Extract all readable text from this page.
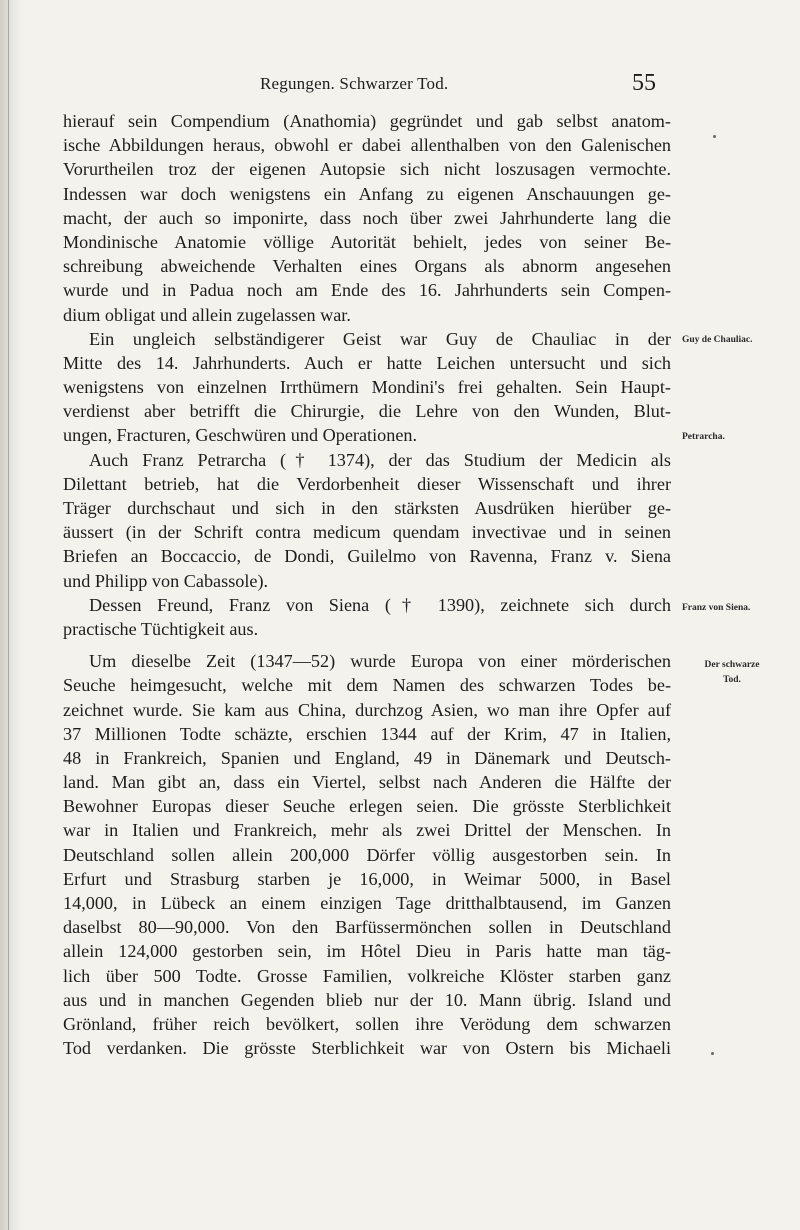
Regungen. Schwarzer Tod.	55
hierauf sein Compendium (Anathomia) gegründet und gab selbst anatom-
ische Abbildungen heraus, obwohl er dabei allenthalben von den Galenischen
Vorurtheilen troz der eigenen Autopsie sich nicht loszusagen vermochte.
Indessen war doch wenigstens ein Anfang zu eigenen Anschauungen ge-
macht, der auch so imponirte, dass noch über zwei Jahrhunderte lang die
Mondinische Anatomie völlige Autorität behielt, jedes von seiner Be-
schreibung abweichende Verhalten eines Organs als abnorm angesehen
wurde und in Padua noch am Ende des 16. Jahrhunderts sein Compen-
dium obligat und allein zugelassen war.
Ein ungleich selbständigerer Geist war Guy de Chauliac in der
Mitte des 14. Jahrhunderts. Auch er hatte Leichen untersucht und sich
wenigstens von einzelnen Irrthümern Mondini's frei gehalten. Sein Haupt-
verdienst aber betrifft die Chirurgie, die Lehre von den Wunden, Blut-
ungen, Fracturen, Geschwüren und Operationen.
Auch Franz Petrarcha († 1374), der das Studium der Medicin als
Dilettant betrieb, hat die Verdorbenheit dieser Wissenschaft und ihrer
Träger durchschaut und sich in den stärksten Ausdrüken hierüber ge-
äussert (in der Schrift contra medicum quendam invectivae und in seinen
Briefen an Boccaccio, de Dondi, Guilelmo von Ravenna, Franz v. Siena
und Philipp von Cabassole).
Dessen Freund, Franz von Siena († 1390), zeichnete sich durch
practische Tüchtigkeit aus.
Um dieselbe Zeit (1347—52) wurde Europa von einer mörderischen
Seuche heimgesucht, welche mit dem Namen des schwarzen Todes be-
zeichnet wurde. Sie kam aus China, durchzog Asien, wo man ihre Opfer auf
37 Millionen Todte schäzte, erschien 1344 auf der Krim, 47 in Italien,
48 in Frankreich, Spanien und England, 49 in Dänemark und Deutsch-
land. Man gibt an, dass ein Viertel, selbst nach Anderen die Hälfte der
Bewohner Europas dieser Seuche erlegen seien. Die grösste Sterblichkeit
war in Italien und Frankreich, mehr als zwei Drittel der Menschen. In
Deutschland sollen allein 200,000 Dörfer völlig ausgestorben sein. In
Erfurt und Strasburg starben je 16,000, in Weimar 5000, in Basel
14,000, in Lübeck an einem einzigen Tage dritthalbtausend, im Ganzen
daselbst 80—90,000. Von den Barfüssermönchen sollen in Deutschland
allein 124,000 gestorben sein, im Hôtel Dieu in Paris hatte man täg-
lich über 500 Todte. Grosse Familien, volkreiche Klöster starben ganz
aus und in manchen Gegenden blieb nur der 10. Mann übrig. Island und
Grönland, früher reich bevölkert, sollen ihre Verödung dem schwarzen
Tod verdanken. Die grösste Sterblichkeit war von Ostern bis Michaeli
Guy de Chauliac.
Petrarcha.
Franz von Siena.
Der schwarze
Tod.
